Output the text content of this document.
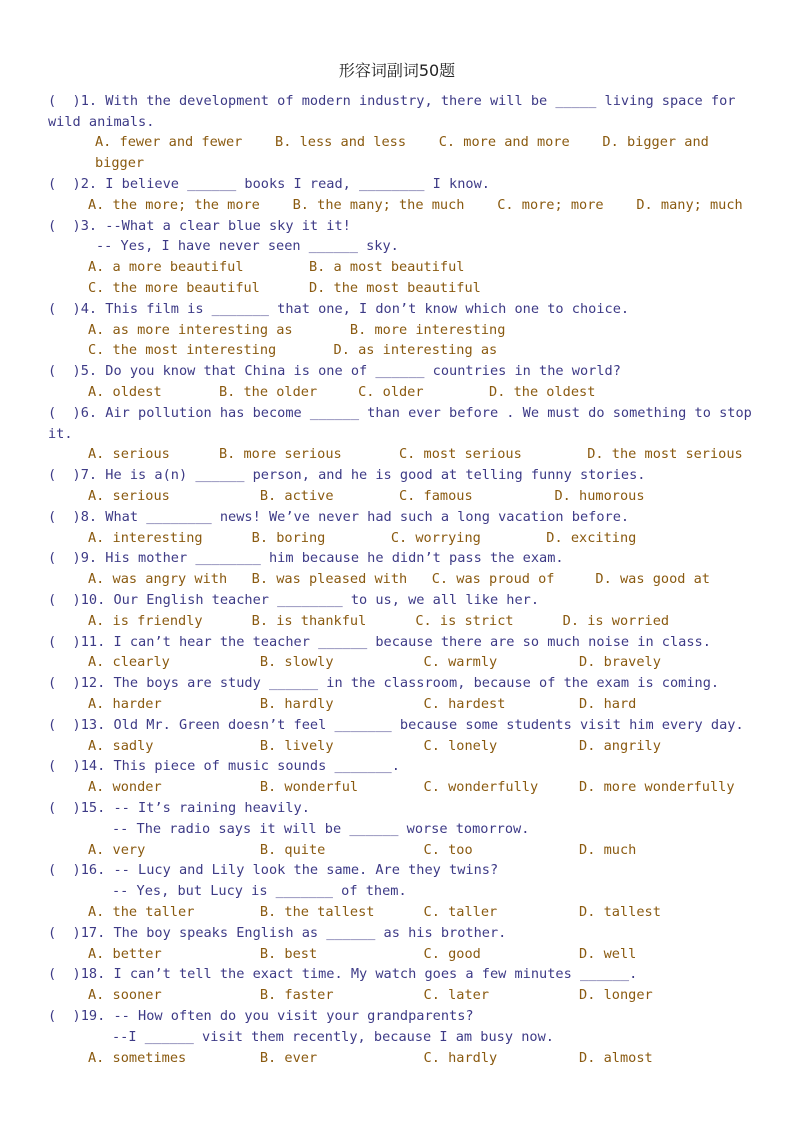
形容词副词50题
(  )1. With the development of modern industry, there will be _____ living space for
wild animals.
A. fewer and fewer    B. less and less    C. more and more    D. bigger and
bigger
(  )2. I believe ______ books I read, ________ I know.
A. the more; the more    B. the many; the much    C. more; more    D. many; much
(  )3. --What a clear blue sky it it!
-- Yes, I have never seen ______ sky.
A. a more beautiful        B. a most beautiful
C. the more beautiful      D. the most beautiful
(  )4. This film is _______ that one, I don’t know which one to choice.
A. as more interesting as       B. more interesting
C. the most interesting       D. as interesting as
(  )5. Do you know that China is one of ______ countries in the world?
A. oldest       B. the older     C. older        D. the oldest
(  )6. Air pollution has become ______ than ever before . We must do something to stop
it.
A. serious      B. more serious       C. most serious        D. the most serious
(  )7. He is a(n) ______ person, and he is good at telling funny stories.
A. serious           B. active        C. famous          D. humorous
(  )8. What ________ news! We’ve never had such a long vacation before.
A. interesting      B. boring        C. worrying        D. exciting
(  )9. His mother ________ him because he didn’t pass the exam.
A. was angry with   B. was pleased with   C. was proud of     D. was good at
(  )10. Our English teacher ________ to us, we all like her.
A. is friendly      B. is thankful      C. is strict      D. is worried
(  )11. I can’t hear the teacher ______ because there are so much noise in class.
A. clearly           B. slowly           C. warmly          D. bravely
(  )12. The boys are study ______ in the classroom, because of the exam is coming.
A. harder            B. hardly           C. hardest         D. hard
(  )13. Old Mr. Green doesn’t feel _______ because some students visit him every day.
A. sadly             B. lively           C. lonely          D. angrily
(  )14. This piece of music sounds _______.
A. wonder            B. wonderful        C. wonderfully     D. more wonderfully
(  )15. -- It’s raining heavily.
-- The radio says it will be ______ worse tomorrow.
A. very              B. quite            C. too             D. much
(  )16. -- Lucy and Lily look the same. Are they twins?
-- Yes, but Lucy is _______ of them.
A. the taller        B. the tallest      C. taller          D. tallest
(  )17. The boy speaks English as ______ as his brother.
A. better            B. best             C. good            D. well
(  )18. I can’t tell the exact time. My watch goes a few minutes ______.
A. sooner            B. faster           C. later           D. longer
(  )19. -- How often do you visit your grandparents?
--I ______ visit them recently, because I am busy now.
A. sometimes         B. ever             C. hardly          D. almost
